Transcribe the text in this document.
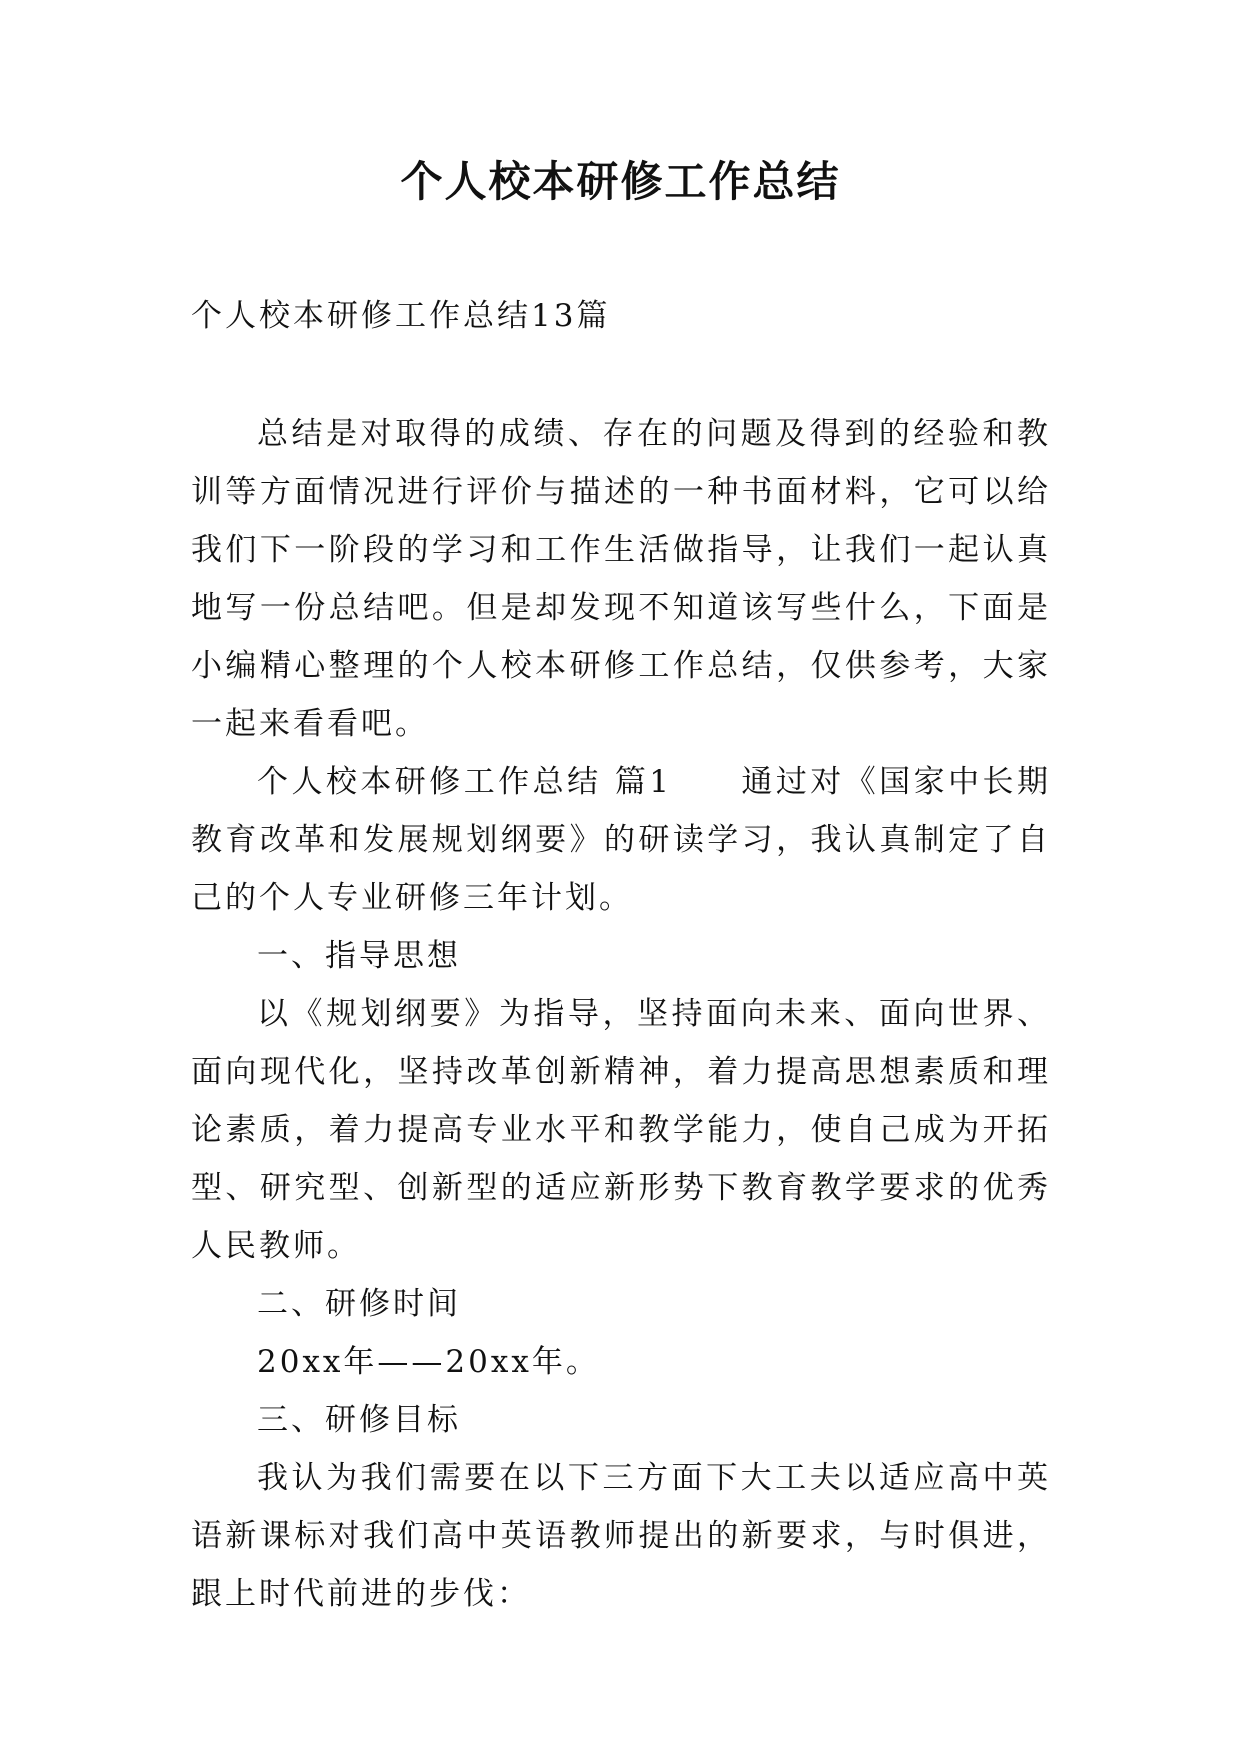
个人校本研修工作总结

个人校本研修工作总结13篇

总结是对取得的成绩、存在的问题及得到的经验和教训等方面情况进行评价与描述的一种书面材料，它可以给我们下一阶段的学习和工作生活做指导，让我们一起认真地写一份总结吧。但是却发现不知道该写些什么，下面是小编精心整理的个人校本研修工作总结，仅供参考，大家一起来看看吧。

个人校本研修工作总结 篇1　　通过对《国家中长期教育改革和发展规划纲要》的研读学习，我认真制定了自己的个人专业研修三年计划。

一、指导思想

以《规划纲要》为指导，坚持面向未来、面向世界、面向现代化，坚持改革创新精神，着力提高思想素质和理论素质，着力提高专业水平和教学能力，使自己成为开拓型、研究型、创新型的适应新形势下教育教学要求的优秀人民教师。

二、研修时间

20xx年——20xx年。

三、研修目标

我认为我们需要在以下三方面下大工夫以适应高中英语新课标对我们高中英语教师提出的新要求，与时俱进，跟上时代前进的步伐：
